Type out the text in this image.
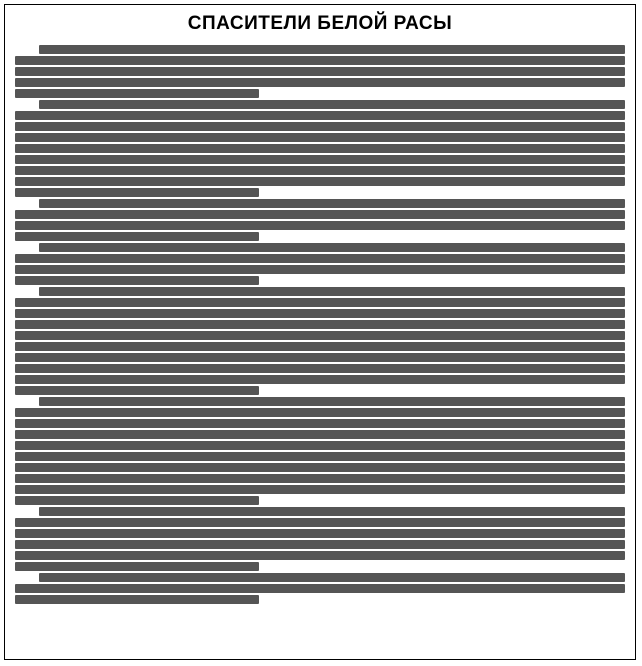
СПАСИТЕЛИ БЕЛОЙ РАСЫ
